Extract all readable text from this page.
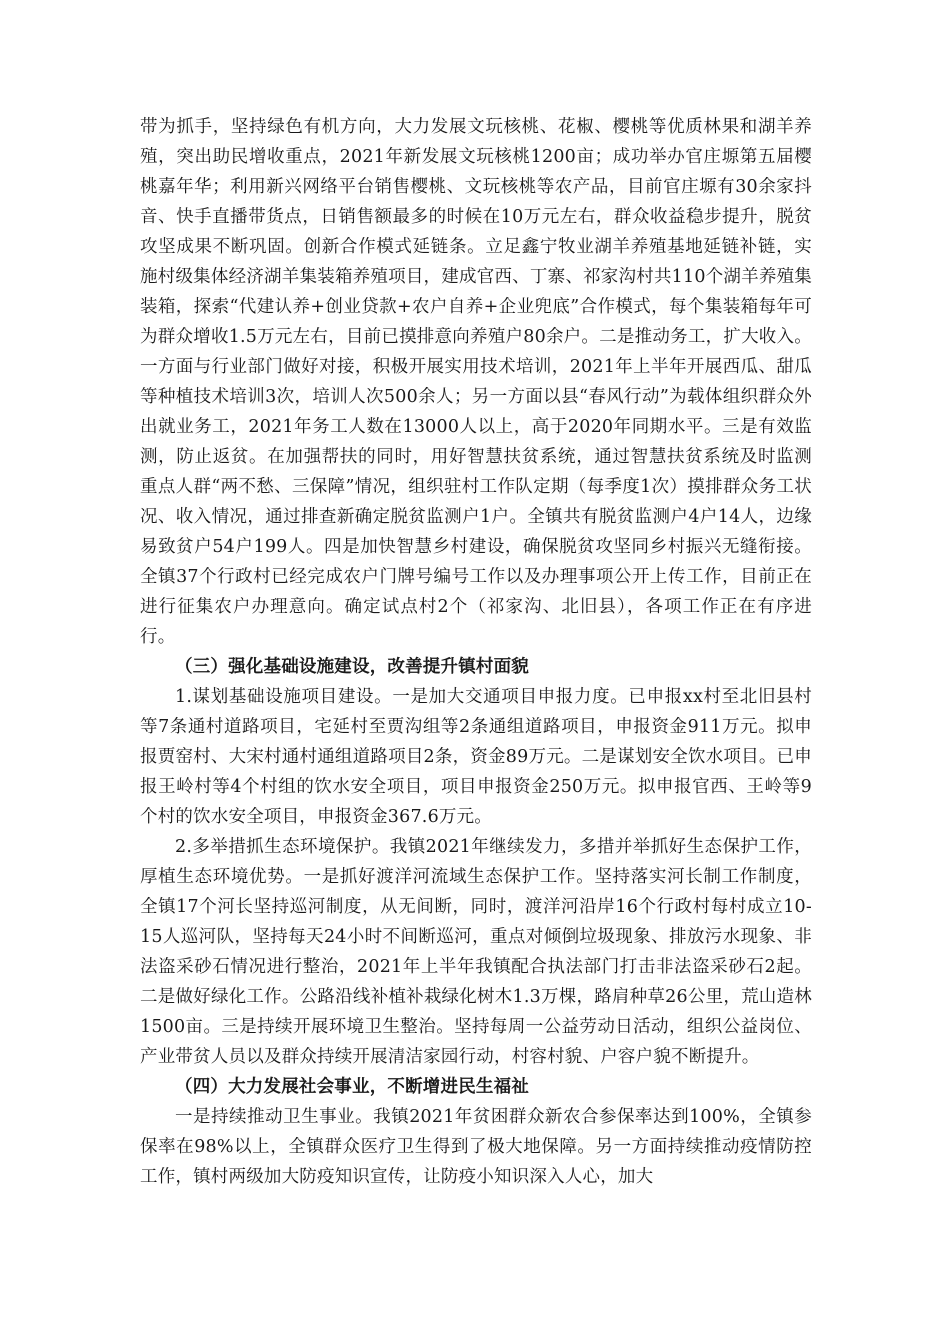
带为抓手，坚持绿色有机方向，大力发展文玩核桃、花椒、樱桃等优质林果和湖羊养殖，突出助民增收重点，2021年新发展文玩核桃1200亩；成功举办官庄塬第五届樱桃嘉年华；利用新兴网络平台销售樱桃、文玩核桃等农产品，目前官庄塬有30余家抖音、快手直播带货点，日销售额最多的时候在10万元左右，群众收益稳步提升，脱贫攻坚成果不断巩固。创新合作模式延链条。立足鑫宁牧业湖羊养殖基地延链补链，实施村级集体经济湖羊集装箱养殖项目，建成官西、丁寨、祁家沟村共110个湖羊养殖集装箱，探索“代建认养+创业贷款+农户自养+企业兜底”合作模式，每个集装箱每年可为群众增收1.5万元左右，目前已摸排意向养殖户80余户。二是推动务工，扩大收入。一方面与行业部门做好对接，积极开展实用技术培训，2021年上半年开展西瓜、甜瓜等种植技术培训3次，培训人次500余人；另一方面以县“春风行动”为载体组织群众外出就业务工，2021年务工人数在13000人以上，高于2020年同期水平。三是有效监测，防止返贫。在加强帮扶的同时，用好智慧扶贫系统，通过智慧扶贫系统及时监测重点人群“两不愁、三保障”情况，组织驻村工作队定期（每季度1次）摸排群众务工状况、收入情况，通过排查新确定脱贫监测户1户。全镇共有脱贫监测户4户14人，边缘易致贫户54户199人。四是加快智慧乡村建设，确保脱贫攻坚同乡村振兴无缝衔接。全镇37个行政村已经完成农户门牌号编号工作以及办理事项公开上传工作，目前正在进行征集农户办理意向。确定试点村2个（祁家沟、北旧县），各项工作正在有序进行。

（三）强化基础设施建设，改善提升镇村面貌

1.谋划基础设施项目建设。一是加大交通项目申报力度。已申报xx村至北旧县村等7条通村道路项目，宅延村至贾沟组等2条通组道路项目，申报资金911万元。拟申报贾窑村、大宋村通村通组道路项目2条，资金89万元。二是谋划安全饮水项目。已申报王岭村等4个村组的饮水安全项目，项目申报资金250万元。拟申报官西、王岭等9个村的饮水安全项目，申报资金367.6万元。

2.多举措抓生态环境保护。我镇2021年继续发力，多措并举抓好生态保护工作，厚植生态环境优势。一是抓好渡洋河流域生态保护工作。坚持落实河长制工作制度，全镇17个河长坚持巡河制度，从无间断，同时，渡洋河沿岸16个行政村每村成立10-15人巡河队，坚持每天24小时不间断巡河，重点对倾倒垃圾现象、排放污水现象、非法盗采砂石情况进行整治，2021年上半年我镇配合执法部门打击非法盗采砂石2起。二是做好绿化工作。公路沿线补植补栽绿化树木1.3万棵，路肩种草26公里，荒山造林1500亩。三是持续开展环境卫生整治。坚持每周一公益劳动日活动，组织公益岗位、产业带贫人员以及群众持续开展清洁家园行动，村容村貌、户容户貌不断提升。

（四）大力发展社会事业，不断增进民生福祉

一是持续推动卫生事业。我镇2021年贫困群众新农合参保率达到100%，全镇参保率在98%以上，全镇群众医疗卫生得到了极大地保障。另一方面持续推动疫情防控工作，镇村两级加大防疫知识宣传，让防疫小知识深入人心，加大
